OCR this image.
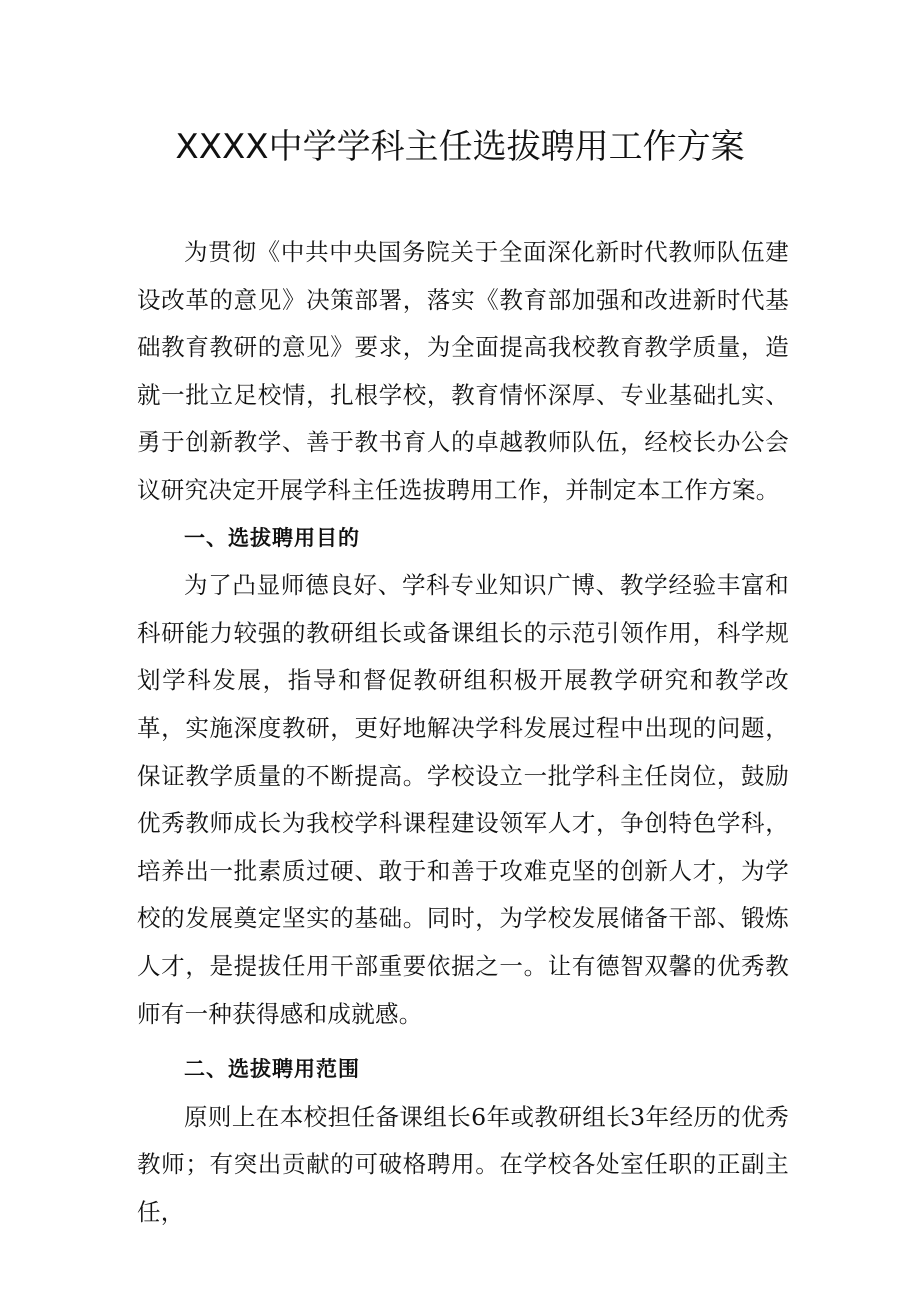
XXXX中学学科主任选拔聘用工作方案

为贯彻《中共中央国务院关于全面深化新时代教师队伍建设改革的意见》决策部署，落实《教育部加强和改进新时代基础教育教研的意见》要求，为全面提高我校教育教学质量，造就一批立足校情，扎根学校，教育情怀深厚、专业基础扎实、勇于创新教学、善于教书育人的卓越教师队伍，经校长办公会议研究决定开展学科主任选拔聘用工作，并制定本工作方案。

一、选拔聘用目的

为了凸显师德良好、学科专业知识广博、教学经验丰富和科研能力较强的教研组长或备课组长的示范引领作用，科学规划学科发展，指导和督促教研组积极开展教学研究和教学改革，实施深度教研，更好地解决学科发展过程中出现的问题，保证教学质量的不断提高。学校设立一批学科主任岗位，鼓励优秀教师成长为我校学科课程建设领军人才，争创特色学科，培养出一批素质过硬、敢于和善于攻难克坚的创新人才，为学校的发展奠定坚实的基础。同时，为学校发展储备干部、锻炼人才，是提拔任用干部重要依据之一。让有德智双馨的优秀教师有一种获得感和成就感。

二、选拔聘用范围

原则上在本校担任备课组长6年或教研组长3年经历的优秀教师；有突出贡献的可破格聘用。在学校各处室任职的正副主任，
